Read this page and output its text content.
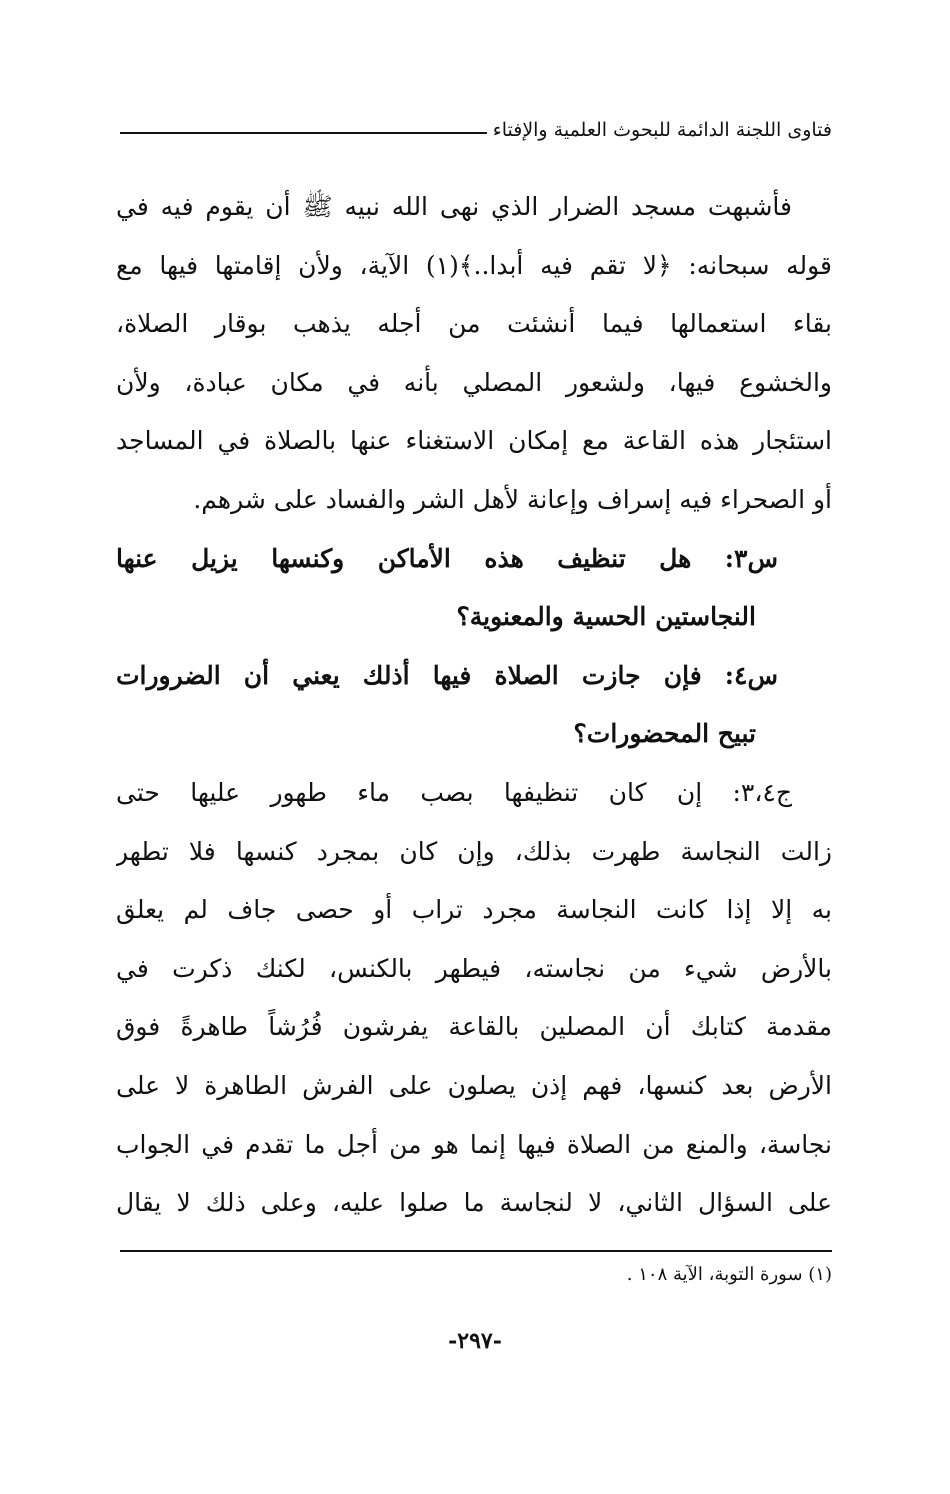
فتاوى اللجنة الدائمة للبحوث العلمية والإفتاء
فأشبهت مسجد الضرار الذي نهى الله نبيه ﷺ أن يقوم فيه في
قوله سبحانه: ﴿لا تقم فيه أبدا..﴾(١) الآية، ولأن إقامتها فيها مع
بقاء استعمالها فيما أنشئت من أجله يذهب بوقار الصلاة،
والخشوع فيها، ولشعور المصلي بأنه في مكان عبادة، ولأن
استئجار هذه القاعة مع إمكان الاستغناء عنها بالصلاة في المساجد
أو الصحراء فيه إسراف وإعانة لأهل الشر والفساد على شرهم.
س٣: هل تنظيف هذه الأماكن وكنسها يزيل عنها
النجاستين الحسية والمعنوية؟
س٤: فإن جازت الصلاة فيها أذلك يعني أن الضرورات
تبيح المحضورات؟
ج٣،٤: إن كان تنظيفها بصب ماء طهور عليها حتى
زالت النجاسة طهرت بذلك، وإن كان بمجرد كنسها فلا تطهر
به إلا إذا كانت النجاسة مجرد تراب أو حصى جاف لم يعلق
بالأرض شيء من نجاسته، فيطهر بالكنس، لكنك ذكرت في
مقدمة كتابك أن المصلين بالقاعة يفرشون فُرُشاً طاهرةً فوق
الأرض بعد كنسها، فهم إذن يصلون على الفرش الطاهرة لا على
نجاسة، والمنع من الصلاة فيها إنما هو من أجل ما تقدم في الجواب
على السؤال الثاني، لا لنجاسة ما صلوا عليه، وعلى ذلك لا يقال
(١) سورة التوبة، الآية ١٠٨ .
-٢٩٧-
